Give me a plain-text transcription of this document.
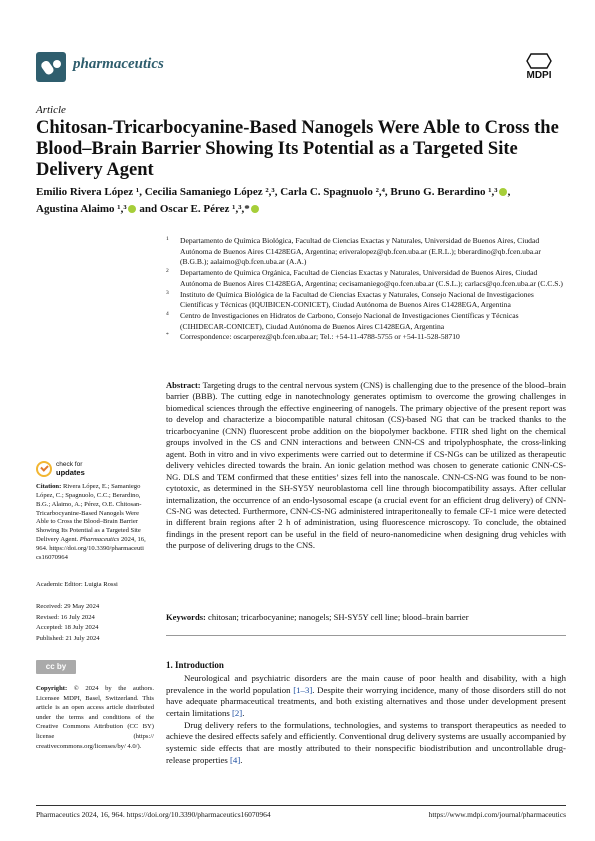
pharmaceutics
MDPI
Article
Chitosan-Tricarbocyanine-Based Nanogels Were Able to Cross the Blood–Brain Barrier Showing Its Potential as a Targeted Site Delivery Agent
Emilio Rivera López ¹, Cecilia Samaniego López ²,³, Carla C. Spagnuolo ²,⁴, Bruno G. Berardino ¹,³ ,
Agustina Alaimo ¹,³ and Oscar E. Pérez ¹,³,*
1 Departamento de Química Biológica, Facultad de Ciencias Exactas y Naturales, Universidad de Buenos Aires, Ciudad Autónoma de Buenos Aires C1428EGA, Argentina; eriveralopez@qb.fcen.uba.ar (E.R.L.); bberardino@qb.fcen.uba.ar (B.G.B.); aalaimo@qb.fcen.uba.ar (A.A.)
2 Departamento de Química Orgánica, Facultad de Ciencias Exactas y Naturales, Universidad de Buenos Aires, Ciudad Autónoma de Buenos Aires C1428EGA, Argentina; cecisamaniego@qo.fcen.uba.ar (C.S.L.); carlacs@qo.fcen.uba.ar (C.C.S.)
3 Instituto de Química Biológica de la Facultad de Ciencias Exactas y Naturales, Consejo Nacional de Investigaciones Científicas y Técnicas (IQUIBICEN-CONICET), Ciudad Autónoma de Buenos Aires C1428EGA, Argentina
4 Centro de Investigaciones en Hidratos de Carbono, Consejo Nacional de Investigaciones Científicas y Técnicas (CIHIDECAR-CONICET), Ciudad Autónoma de Buenos Aires C1428EGA, Argentina
* Correspondence: oscarperez@qb.fcen.uba.ar; Tel.: +54-11-4788-5755 or +54-11-528-58710
Abstract: Targeting drugs to the central nervous system (CNS) is challenging due to the presence of the blood–brain barrier (BBB). The cutting edge in nanotechnology generates optimism to overcome the growing challenges in biomedical sciences through the effective engineering of nanogels. The primary objective of the present report was to develop and characterize a biocompatible natural chitosan (CS)-based NG that can be tracked thanks to the tricarbocyanine (CNN) fluorescent probe addition on the biopolymer backbone. FTIR shed light on the chemical groups involved in the CS and CNN interactions and between CNN-CS and tripolyphosphate, the cross-linking agent. Both in vitro and in vivo experiments were carried out to determine if CS-NGs can be utilized as therapeutic delivery vehicles directed towards the brain. An ionic gelation method was chosen to generate cationic CNN-CS-NG. DLS and TEM confirmed that these entities’ sizes fell into the nanoscale. CNN-CS-NG was found to be non-cytotoxic, as determined in the SH-SY5Y neuroblastoma cell line through biocompatibility assays. After cellular internalization, the occurrence of an endo-lysosomal escape (a crucial event for an efficient drug delivery) of CNN-CS-NG was detected. Furthermore, CNN-CS-NG administered intraperitoneally to female CF-1 mice were detected in different brain regions after 2 h of administration, using fluorescence microscopy. To conclude, the obtained findings in the present report can be useful in the field of neuro-nanomedicine when designing drug vehicles with the purpose of delivering drugs to the CNS.
Keywords: chitosan; tricarbocyanine; nanogels; SH-SY5Y cell line; blood–brain barrier
check for
updates
Citation: Rivera López, E.; Samaniego López, C.; Spagnuolo, C.C.; Berardino, B.G.; Alaimo, A.; Pérez, O.E. Chitosan-Tricarbocyanine-Based Nanogels Were Able to Cross the Blood–Brain Barrier Showing Its Potential as a Targeted Site Delivery Agent. Pharmaceutics 2024, 16, 964. https://doi.org/10.3390/pharmaceutics16070964
Academic Editor: Luigia Rossi
Received: 29 May 2024
Revised: 16 July 2024
Accepted: 18 July 2024
Published: 21 July 2024
cc by
Copyright: © 2024 by the authors. Licensee MDPI, Basel, Switzerland. This article is an open access article distributed under the terms and conditions of the Creative Commons Attribution (CC BY) license (https:// creativecommons.org/licenses/by/ 4.0/).
1. Introduction

Neurological and psychiatric disorders are the main cause of poor health and disability, with a high prevalence in the world population [1–3]. Despite their worrying incidence, many of those disorders still do not have adequate pharmaceutical treatments, and both existing alternatives and those under development present certain limitations [2].

Drug delivery refers to the formulations, technologies, and systems to transport therapeutics as needed to achieve the desired effects safely and efficiently. Conventional drug delivery systems are usually accompanied by systemic side effects that are mostly attributed to their nonspecific biodistribution and uncontrollable drug-release properties [4].

Pharmaceutics 2024, 16, 964. https://doi.org/10.3390/pharmaceutics16070964	https://www.mdpi.com/journal/pharmaceutics
